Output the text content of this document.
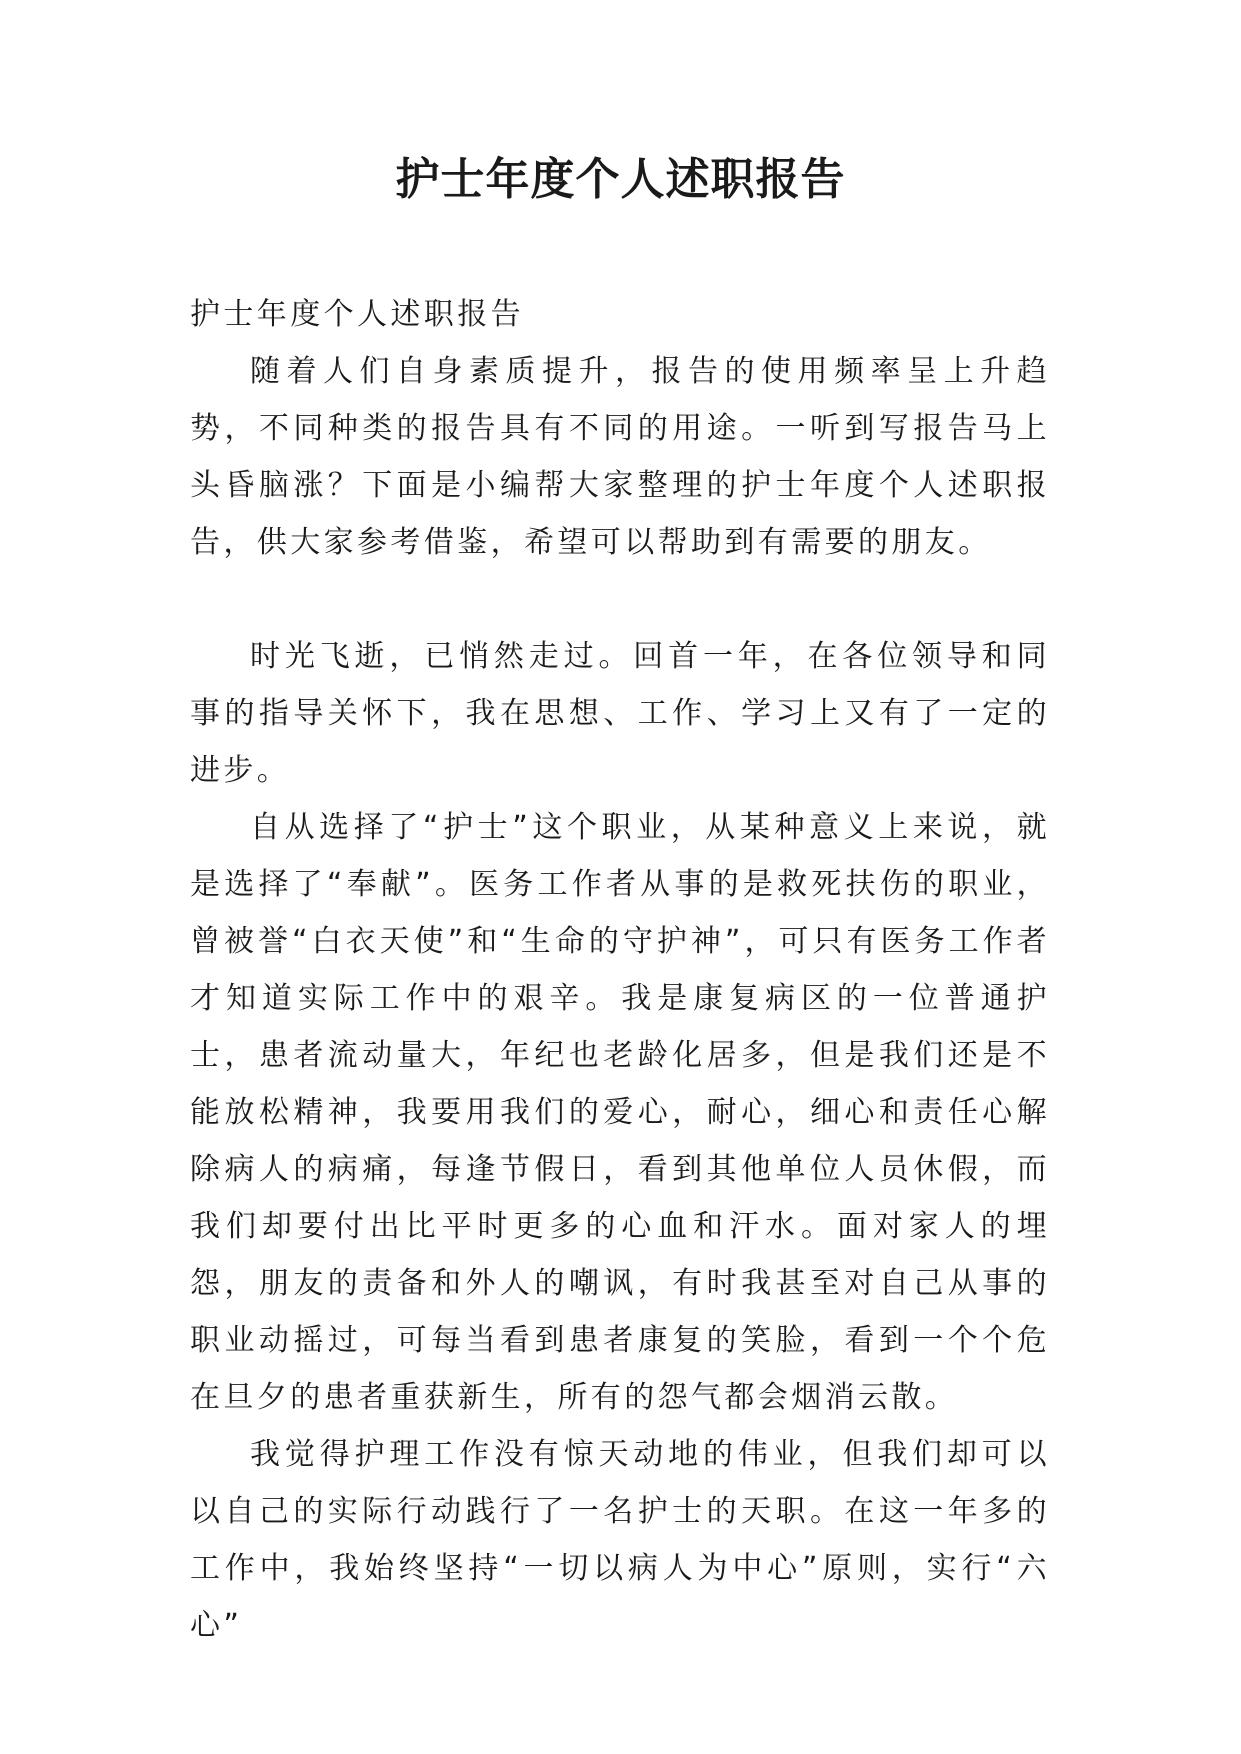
护士年度个人述职报告

护士年度个人述职报告

随着人们自身素质提升，报告的使用频率呈上升趋势，不同种类的报告具有不同的用途。一听到写报告马上头昏脑涨？下面是小编帮大家整理的护士年度个人述职报告，供大家参考借鉴，希望可以帮助到有需要的朋友。

时光飞逝，已悄然走过。回首一年，在各位领导和同事的指导关怀下，我在思想、工作、学习上又有了一定的进步。

自从选择了“护士”这个职业，从某种意义上来说，就是选择了“奉献”。医务工作者从事的是救死扶伤的职业，曾被誉“白衣天使”和“生命的守护神”，可只有医务工作者才知道实际工作中的艰辛。我是康复病区的一位普通护士，患者流动量大，年纪也老龄化居多，但是我们还是不能放松精神，我要用我们的爱心，耐心，细心和责任心解除病人的病痛，每逢节假日，看到其他单位人员休假，而我们却要付出比平时更多的心血和汗水。面对家人的埋怨，朋友的责备和外人的嘲讽，有时我甚至对自己从事的职业动摇过，可每当看到患者康复的笑脸，看到一个个危在旦夕的患者重获新生，所有的怨气都会烟消云散。

我觉得护理工作没有惊天动地的伟业，但我们却可以以自己的实际行动践行了一名护士的天职。在这一年多的工作中，我始终坚持“一切以病人为中心”原则，实行“六心”
